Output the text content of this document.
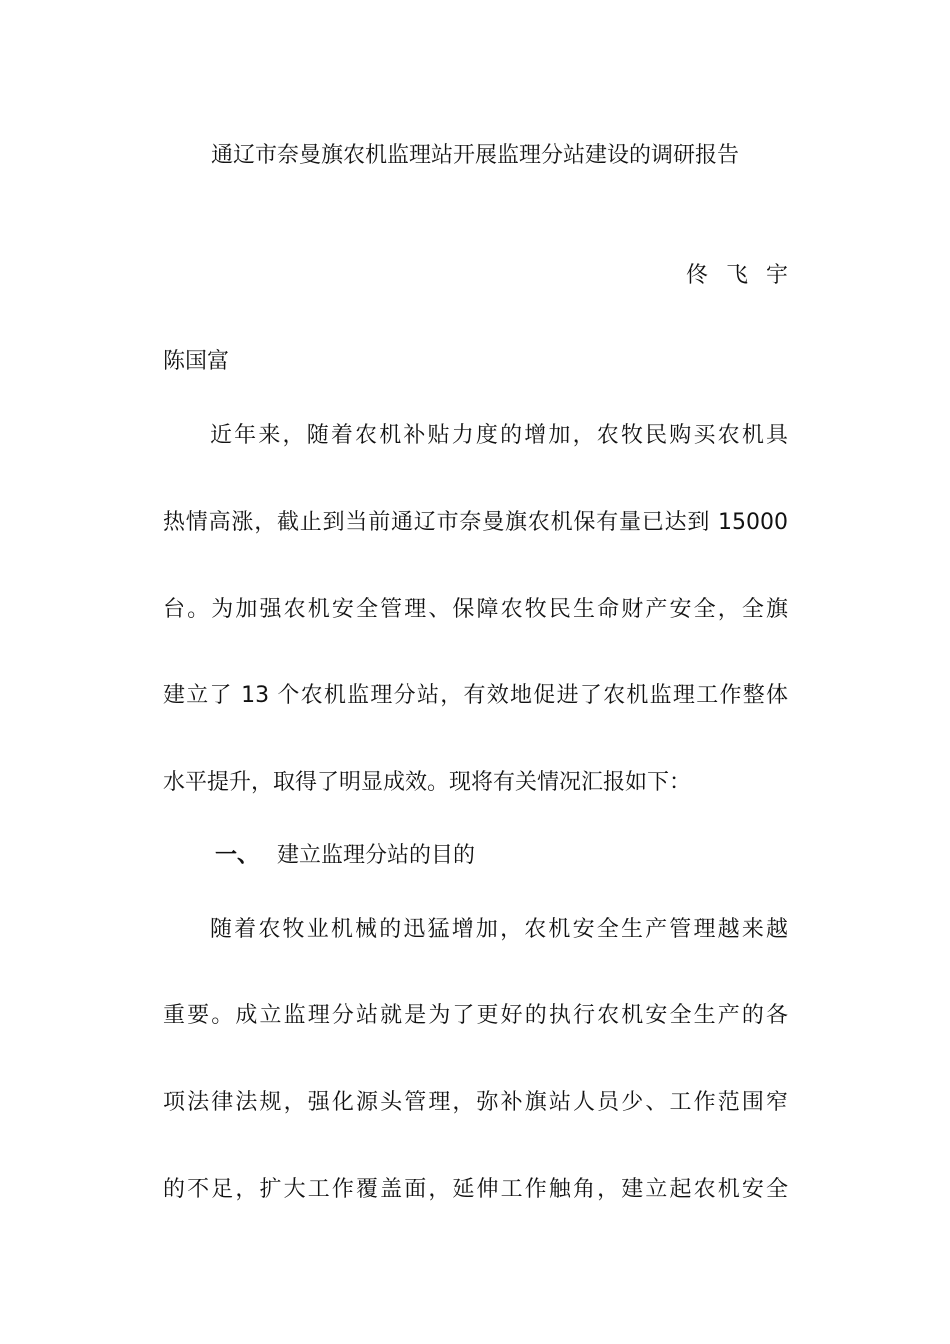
通辽市奈曼旗农机监理站开展监理分站建设的调研报告
佟飞宇
陈国富
近年来，随着农机补贴力度的增加，农牧民购买农机具
热情高涨，截止到当前通辽市奈曼旗农机保有量已达到 15000
台。为加强农机安全管理、保障农牧民生命财产安全，全旗
建立了 13 个农机监理分站，有效地促进了农机监理工作整体
水平提升，取得了明显成效。现将有关情况汇报如下：
一、 建立监理分站的目的
随着农牧业机械的迅猛增加，农机安全生产管理越来越
重要。成立监理分站就是为了更好的执行农机安全生产的各
项法律法规，强化源头管理，弥补旗站人员少、工作范围窄
的不足，扩大工作覆盖面，延伸工作触角，建立起农机安全
